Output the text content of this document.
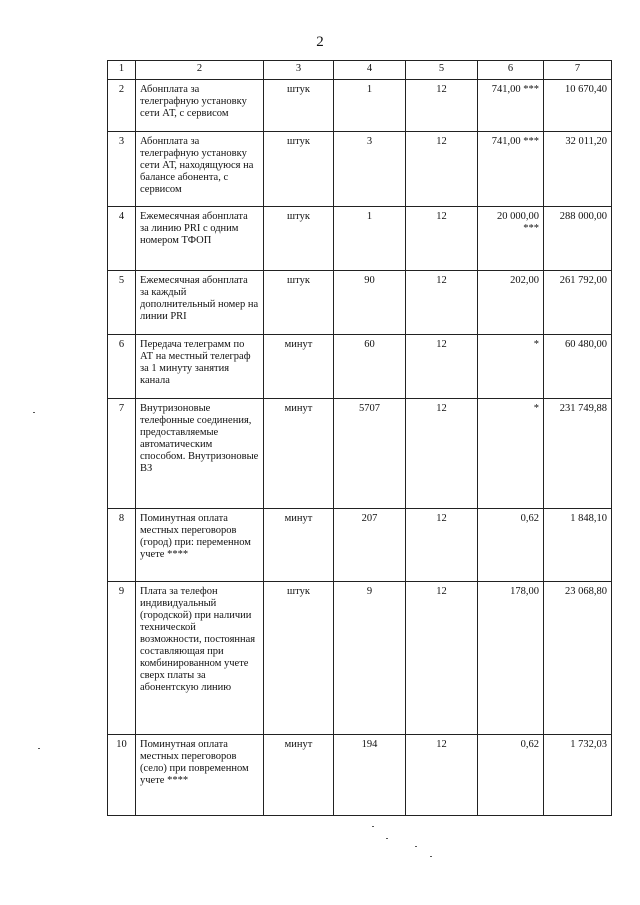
2
1	2	3	4	5	6	7
2	Абонплата за телеграфную установку сети АТ, с сервисом	штук	1	12	741,00 ***	10 670,40
3	Абонплата за телеграфную установку сети АТ, находящуюся на балансе абонента, с сервисом	штук	3	12	741,00 ***	32 011,20
4	Ежемесячная абонплата за линию PRI с одним номером ТФОП	штук	1	12	20 000,00 ***	288 000,00
5	Ежемесячная абонплата за каждый дополнительный номер на линии PRI	штук	90	12	202,00	261 792,00
6	Передача телеграмм по АТ на местный телеграф за 1 минуту занятия канала	минут	60	12	*	60 480,00
7	Внутризоновые телефонные соединения, предоставляемые автоматическим способом. Внутризоновые ВЗ	минут	5707	12	*	231 749,88
8	Поминутная оплата местных переговоров (город) при: переменном учете ****	минут	207	12	0,62	1 848,10
9	Плата за телефон индивидуальный (городской) при наличии технической возможности, постоянная составляющая при комбинированном учете сверх платы за абонентскую линию	штук	9	12	178,00	23 068,80
10	Поминутная оплата местных переговоров (село) при повременном учете ****	минут	194	12	0,62	1 732,03
